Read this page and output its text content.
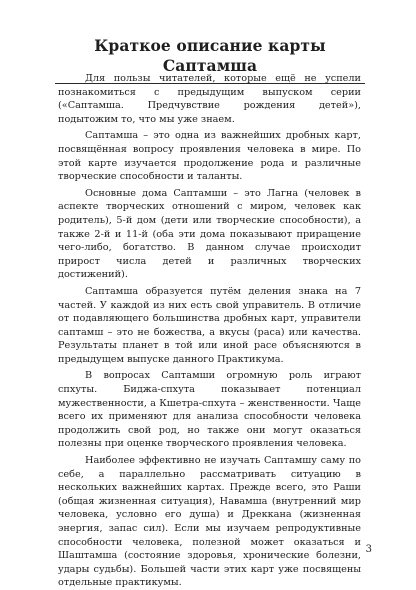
Краткое описание карты Саптамша

Для пользы читателей, которые ещё не успели познакомиться с предыдущим выпуском серии («Саптамша. Предчувствие рождения детей»), подытожим то, что мы уже знаем.

Саптамша – это одна из важнейших дробных карт, посвящённая вопросу проявления человека в мире. По этой карте изучается продолжение рода и различные творческие способности и таланты.

Основные дома Саптамши – это Лагна (человек в аспекте творческих отношений с миром, человек как родитель), 5-й дом (дети или творческие способности), а также 2-й и 11-й (оба эти дома показывают приращение чего-либо, богатство. В данном случае происходит прирост числа детей и различных творческих достижений).

Саптамша образуется путём деления знака на 7 частей. У каждой из них есть свой управитель. В отличие от подавляющего большинства дробных карт, управители саптамш – это не божества, а вкусы (раса) или качества. Результаты планет в той или иной расе объясняются в предыдущем выпуске данного Практикума.

В вопросах Саптамши огромную роль играют спхуты. Биджа-спхута показывает потенциал мужественности, а Кшетра-спхута – женственности. Чаще всего их применяют для анализа способности человека продолжить свой род, но также они могут оказаться полезны при оценке творческого проявления человека.

Наиболее эффективно не изучать Саптамшу саму по себе, а параллельно рассматривать ситуацию в нескольких важнейших картах. Прежде всего, это Раши (общая жизненная ситуация), Навамша (внутренний мир человека, условно его душа) и Дреккана (жизненная энергия, запас сил). Если мы изучаем репродуктивные способности человека, полезной может оказаться и Шаштамша (состояние здоровья, хронические болезни, удары судьбы). Большей части этих карт уже посвящены отдельные практикумы.

3
